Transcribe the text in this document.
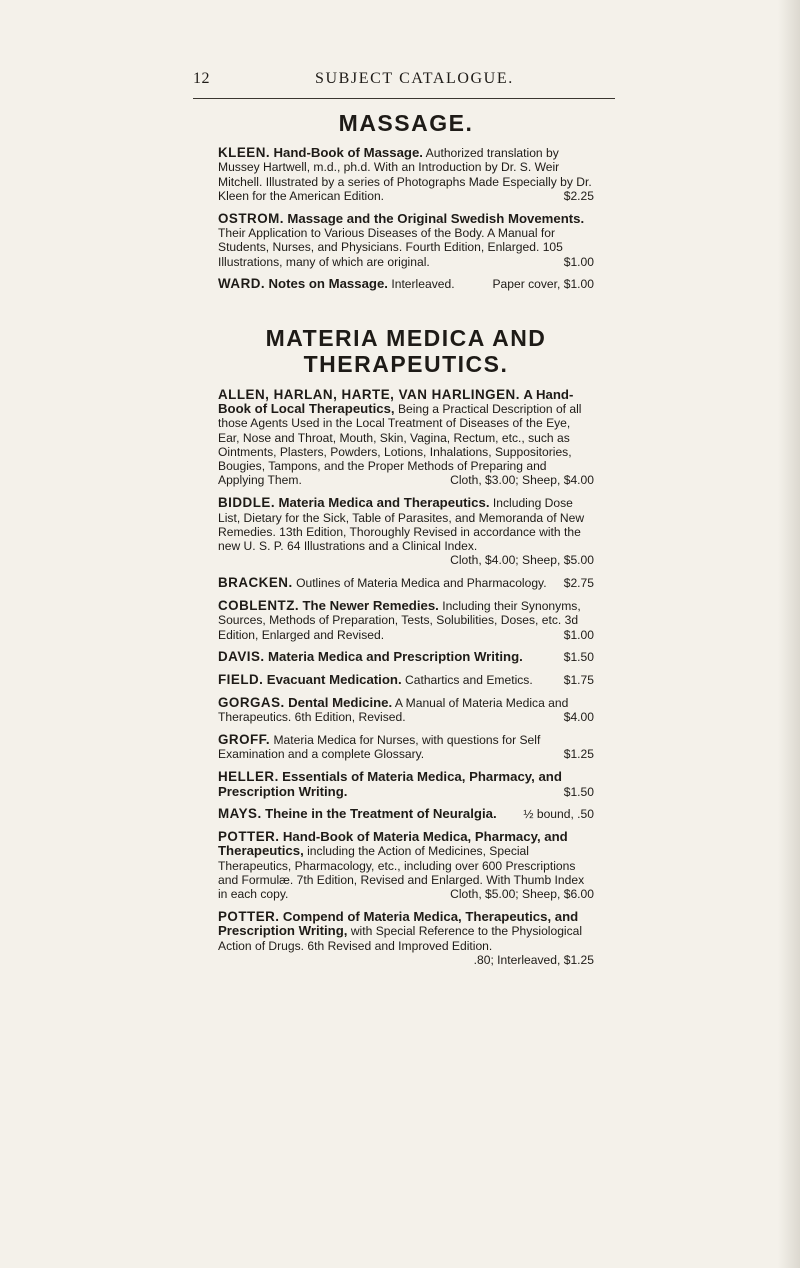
12	SUBJECT CATALOGUE.
MASSAGE.
KLEEN. Hand-Book of Massage. Authorized translation by Mussey Hartwell, m.d., ph.d. With an Introduction by Dr. S. Weir Mitchell. Illustrated by a series of Photographs Made Especially by Dr. Kleen for the American Edition.	$2.25
OSTROM. Massage and the Original Swedish Movements. Their Application to Various Diseases of the Body. A Manual for Students, Nurses, and Physicians. Fourth Edition, Enlarged. 105 Illustrations, many of which are original.	$1.00
WARD. Notes on Massage. Interleaved.	Paper cover, $1.00
MATERIA MEDICA AND THERAPEUTICS.
ALLEN, HARLAN, HARTE, VAN HARLINGEN. A Hand-Book of Local Therapeutics, Being a Practical Description of all those Agents Used in the Local Treatment of Diseases of the Eye, Ear, Nose and Throat, Mouth, Skin, Vagina, Rectum, etc., such as Ointments, Plasters, Powders, Lotions, Inhalations, Suppositories, Bougies, Tampons, and the Proper Methods of Preparing and Applying Them.	Cloth, $3.00; Sheep, $4.00
BIDDLE. Materia Medica and Therapeutics. Including Dose List, Dietary for the Sick, Table of Parasites, and Memoranda of New Remedies. 13th Edition, Thoroughly Revised in accordance with the new U. S. P. 64 Illustrations and a Clinical Index.
Cloth, $4.00; Sheep, $5.00
BRACKEN. Outlines of Materia Medica and Pharmacology. $2.75
COBLENTZ. The Newer Remedies. Including their Synonyms, Sources, Methods of Preparation, Tests, Solubilities, Doses, etc. 3d Edition, Enlarged and Revised.	$1.00
DAVIS. Materia Medica and Prescription Writing.	$1.50
FIELD. Evacuant Medication. Cathartics and Emetics.	$1.75
GORGAS. Dental Medicine. A Manual of Materia Medica and Therapeutics. 6th Edition, Revised.	$4.00
GROFF. Materia Medica for Nurses, with questions for Self Examination and a complete Glossary.	$1.25
HELLER. Essentials of Materia Medica, Pharmacy, and Prescription Writing.	$1.50
MAYS. Theine in the Treatment of Neuralgia. ½ bound, .50
POTTER. Hand-Book of Materia Medica, Pharmacy, and Therapeutics, including the Action of Medicines, Special Therapeutics, Pharmacology, etc., including over 600 Prescriptions and Formulæ. 7th Edition, Revised and Enlarged. With Thumb Index in each copy.	Cloth, $5.00; Sheep, $6.00
POTTER. Compend of Materia Medica, Therapeutics, and Prescription Writing, with Special Reference to the Physiological Action of Drugs. 6th Revised and Improved Edition.
.80; Interleaved, $1.25
